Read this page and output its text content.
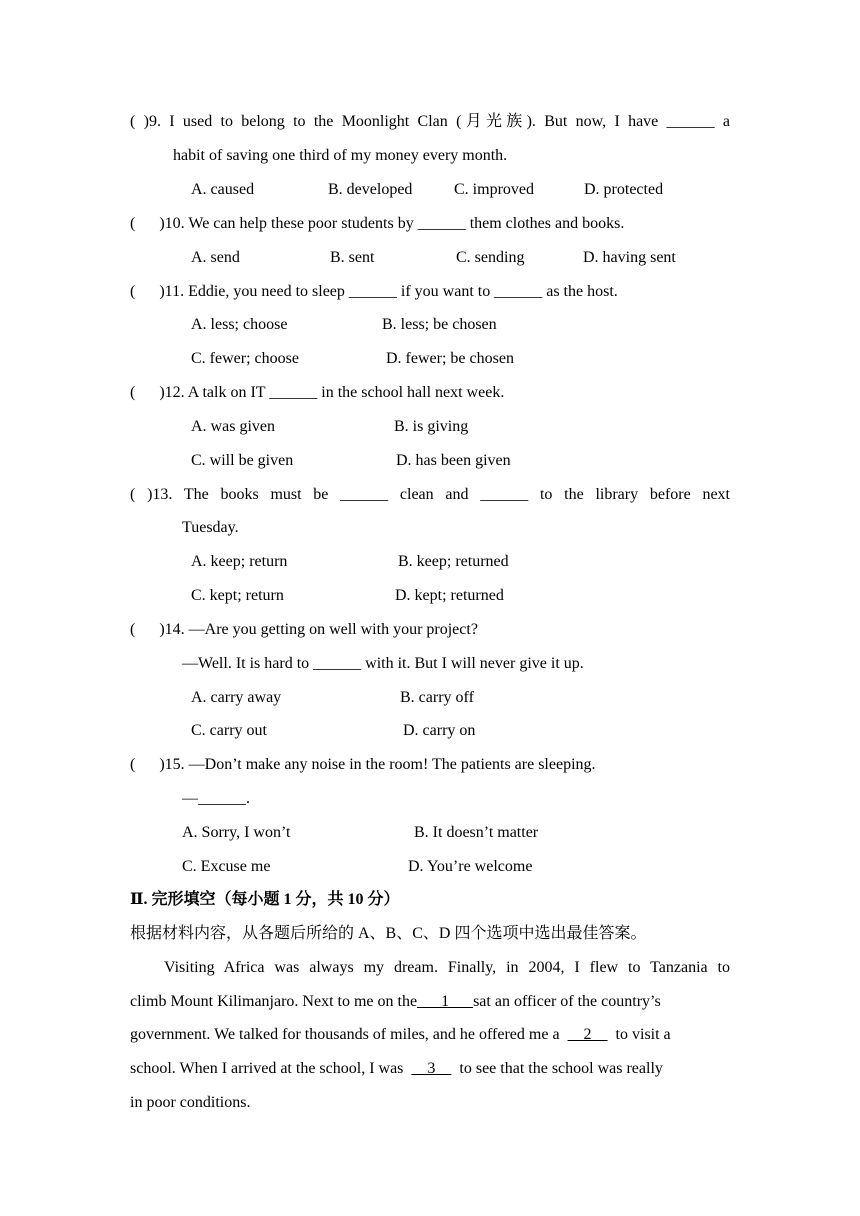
( )9. I used to belong to the Moonlight Clan (月光族). But now, I have ______ a
habit of saving one third of my money every month.
A. caused	B. developed	C. improved	D. protected
(      )10. We can help these poor students by ______ them clothes and books.
A. send	B. sent	C. sending	D. having sent
(      )11. Eddie, you need to sleep ______ if you want to ______ as the host.
A. less; choose	B. less; be chosen
C. fewer; choose	D. fewer; be chosen
(      )12. A talk on IT ______ in the school hall next week.
A. was given	B. is giving
C. will be given	D. has been given
( )13. The books must be ______ clean and ______ to the library before next
Tuesday.
A. keep; return	B. keep; returned
C. kept; return	D. kept; returned
(      )14. —Are you getting on well with your project?
—Well. It is hard to ______ with it. But I will never give it up.
A. carry away	B. carry off
C. carry out	D. carry on
(      )15. —Don’t make any noise in the room! The patients are sleeping.
—______.
A. Sorry, I won’t	B. It doesn’t matter
C. Excuse me	D. You’re welcome
Ⅱ. 完形填空（每小题 1 分，共 10 分）
根据材料内容，从各题后所给的 A、B、C、D 四个选项中选出最佳答案。
Visiting Africa was always my dream. Finally, in 2004, I flew to Tanzania to
climb Mount Kilimanjaro. Next to me on the      1      sat an officer of the country’s
government. We talked for thousands of miles, and he offered me a      2      to visit a
school. When I arrived at the school, I was      3      to see that the school was really
in poor conditions.
